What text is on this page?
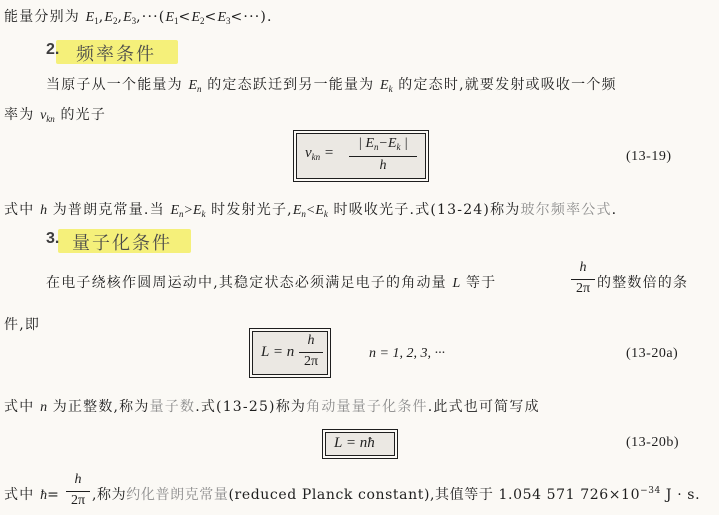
能量分别为 $E_1,E_2,E_3,\cdot\cdot\cdot(E_1<E_2<E_3<\cdot\cdot\cdot)$.
2. 频率条件
当原子从一个能量为 $E_n$ 的定态跃迁到另一能量为 $E_k$ 的定态时,就要发射或吸收一个频
率为 $\nu_{kn}$ 的光子
$\nu_{kn}$ =
| $E_n-E_k$ |
h
(13-19)
式中 h 为普朗克常量.当 $E_n>E_k$ 时发射光子$,E_n<E_k$ 时吸收光子.式(13-24)称为玻尔频率公式.
3. 量子化条件
在电子绕核作圆周运动中,其稳定状态必须满足电子的角动量 L 等于
h
2π 的整数倍的条
件,即
L = n
h
2π
n = 1, 2, 3, ···	(13-20a)
式中 n 为正整数,称为量子数.式(13-25)称为角动量量子化条件.此式也可简写成
L = nħ	(13-20b)
式中 ħ=
h
2π ,称为约化普朗克常量(reduced Planck constant),其值等于 1.054 571 $726\times 10^{-34}$ J · s.
